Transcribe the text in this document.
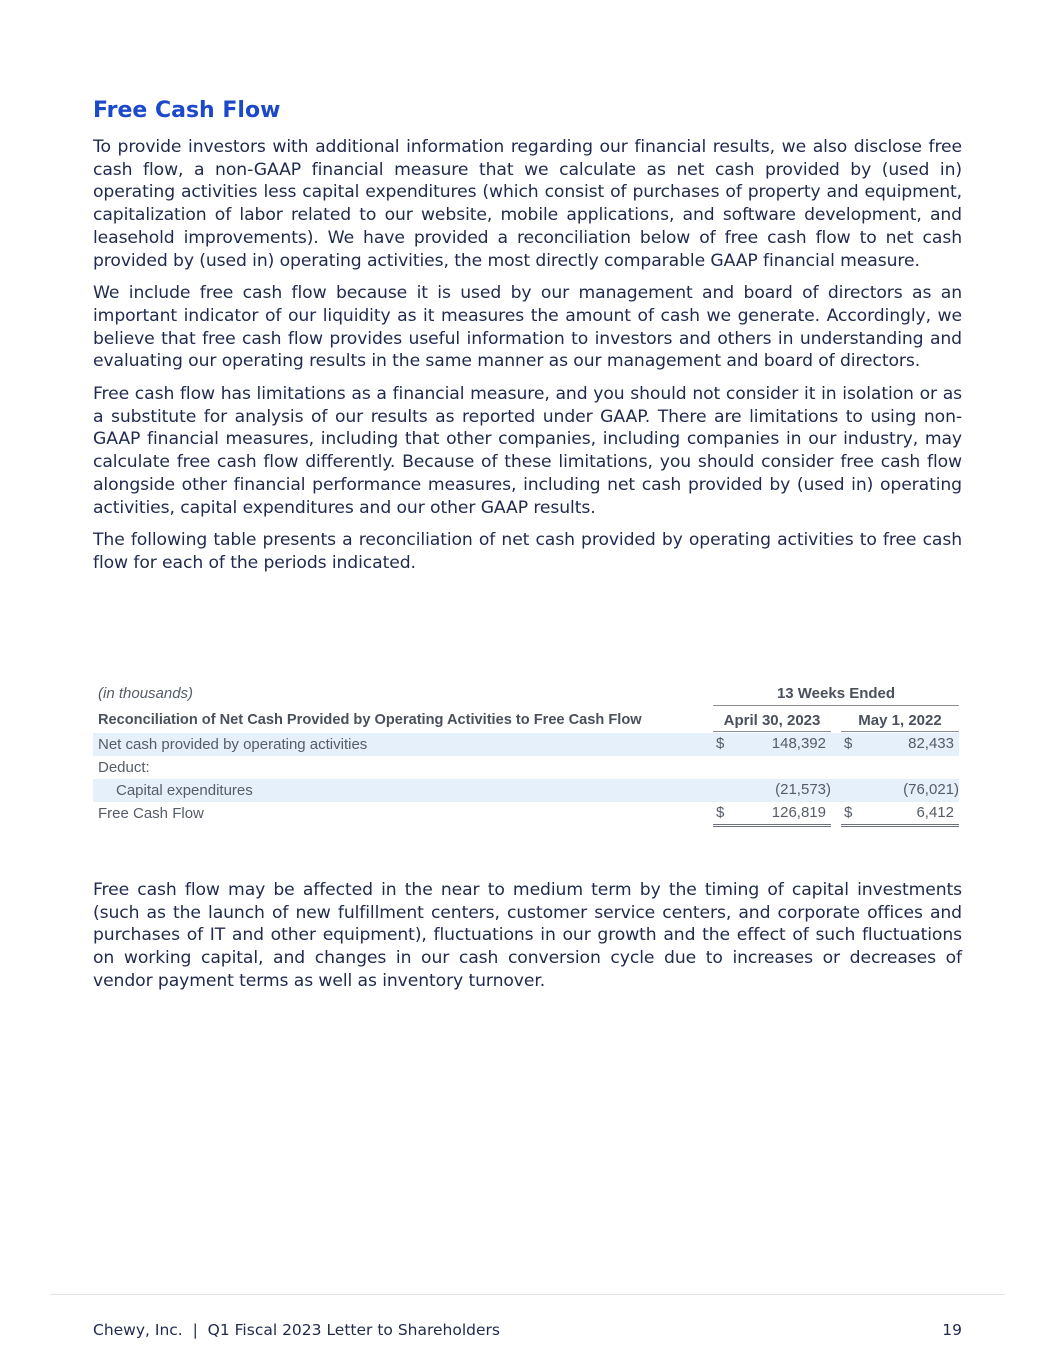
Free Cash Flow

To provide investors with additional information regarding our financial results, we also disclose free cash flow, a non-GAAP financial measure that we calculate as net cash provided by (used in) operating activities less capital expenditures (which consist of purchases of property and equipment, capitalization of labor related to our website, mobile applications, and software development, and leasehold improvements). We have provided a reconciliation below of free cash flow to net cash provided by (used in) operating activities, the most directly comparable GAAP financial measure.

We include free cash flow because it is used by our management and board of directors as an important indicator of our liquidity as it measures the amount of cash we generate. Accordingly, we believe that free cash flow provides useful information to investors and others in understanding and evaluating our operating results in the same manner as our management and board of directors.

Free cash flow has limitations as a financial measure, and you should not consider it in isolation or as a substitute for analysis of our results as reported under GAAP. There are limitations to using non-GAAP financial measures, including that other companies, including companies in our industry, may calculate free cash flow differently. Because of these limitations, you should consider free cash flow alongside other financial performance measures, including net cash provided by (used in) operating activities, capital expenditures and our other GAAP results.

The following table presents a reconciliation of net cash provided by operating activities to free cash flow for each of the periods indicated.

(in thousands)	13 Weeks Ended
Reconciliation of Net Cash Provided by Operating Activities to Free Cash Flow	April 30, 2023	May 1, 2022
Net cash provided by operating activities	$	148,392 $	82,433
Deduct:
Capital expenditures	(21,573)	(76,021)
Free Cash Flow	$	126,819 $	6,412

Free cash flow may be affected in the near to medium term by the timing of capital investments (such as the launch of new fulfillment centers, customer service centers, and corporate offices and purchases of IT and other equipment), fluctuations in our growth and the effect of such fluctuations on working capital, and changes in our cash conversion cycle due to increases or decreases of vendor payment terms as well as inventory turnover.

Chewy, Inc.  |  Q1 Fiscal 2023 Letter to Shareholders	19
